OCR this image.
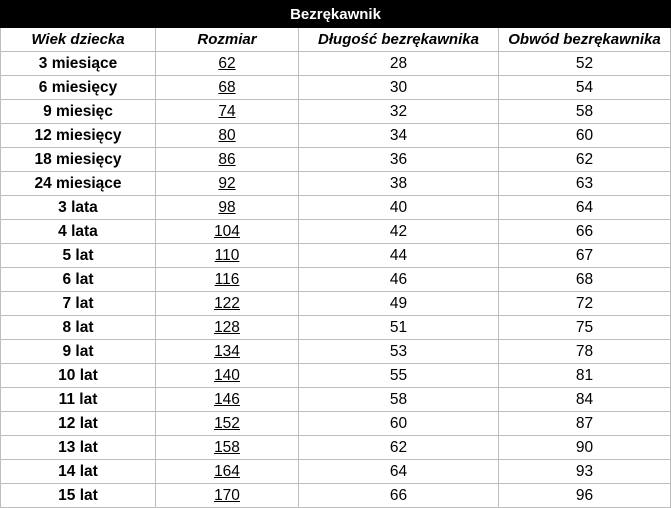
Bezrękawnik			
Wiek dziecka	Rozmiar	Długość bezrękawnika	Obwód bezrękawnika
3 miesiące	62	28	52
6 miesięcy	68	30	54
9 miesięc	74	32	58
12 miesięcy	80	34	60
18 miesięcy	86	36	62
24 miesiące	92	38	63
3 lata	98	40	64
4 lata	104	42	66
5 lat	110	44	67
6 lat	116	46	68
7 lat	122	49	72
8 lat	128	51	75
9 lat	134	53	78
10 lat	140	55	81
11 lat	146	58	84
12 lat	152	60	87
13 lat	158	62	90
14 lat	164	64	93
15 lat	170	66	96
